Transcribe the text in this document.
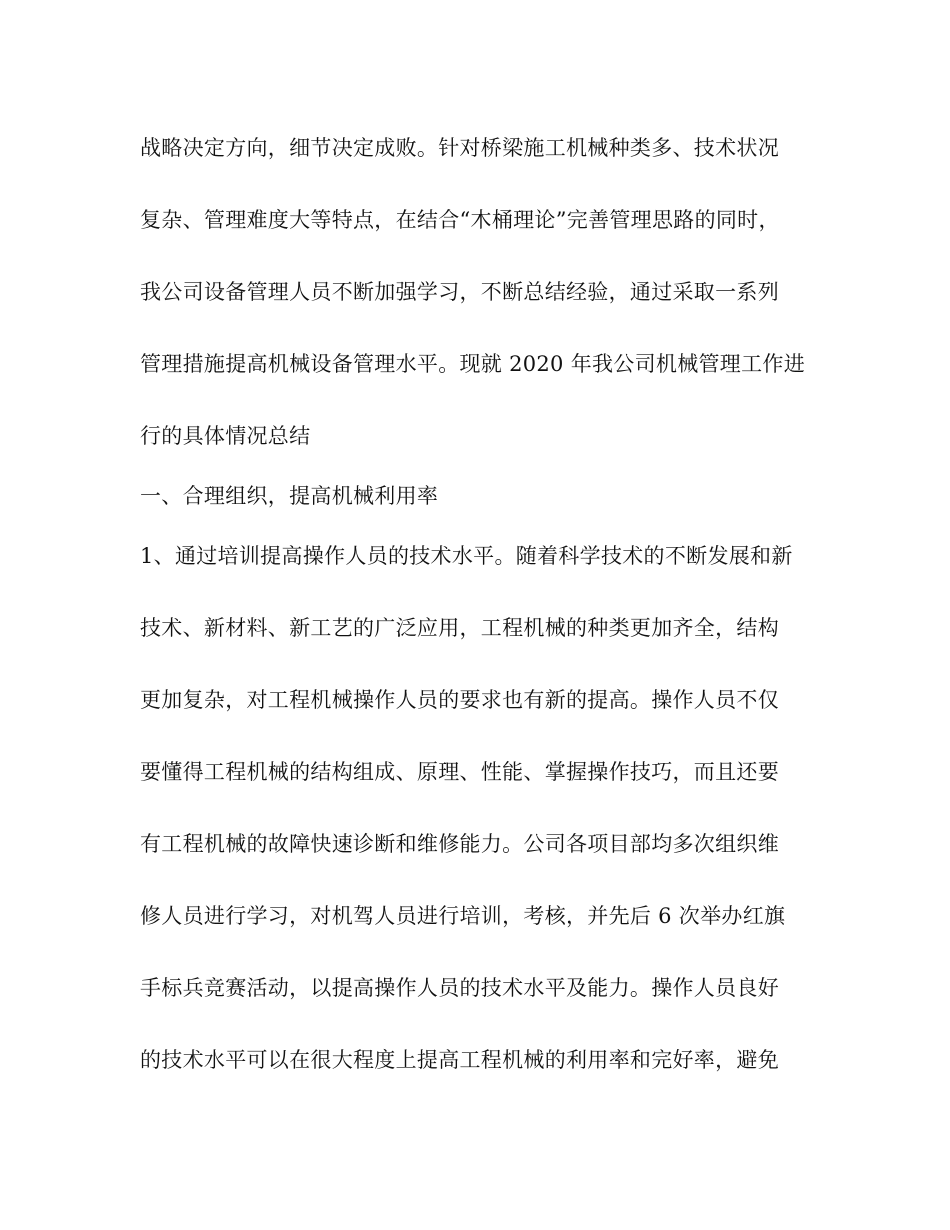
战略决定方向，细节决定成败。针对桥梁施工机械种类多、技术状况
复杂、管理难度大等特点，在结合“木桶理论”完善管理思路的同时，
我公司设备管理人员不断加强学习，不断总结经验，通过采取一系列
管理措施提高机械设备管理水平。现就 2020 年我公司机械管理工作进
行的具体情况总结
一、合理组织，提高机械利用率
1、通过培训提高操作人员的技术水平。随着科学技术的不断发展和新
技术、新材料、新工艺的广泛应用，工程机械的种类更加齐全，结构
更加复杂，对工程机械操作人员的要求也有新的提高。操作人员不仅
要懂得工程机械的结构组成、原理、性能、掌握操作技巧，而且还要
有工程机械的故障快速诊断和维修能力。公司各项目部均多次组织维
修人员进行学习，对机驾人员进行培训，考核，并先后 6 次举办红旗
手标兵竞赛活动，以提高操作人员的技术水平及能力。操作人员良好
的技术水平可以在很大程度上提高工程机械的利用率和完好率，避免
